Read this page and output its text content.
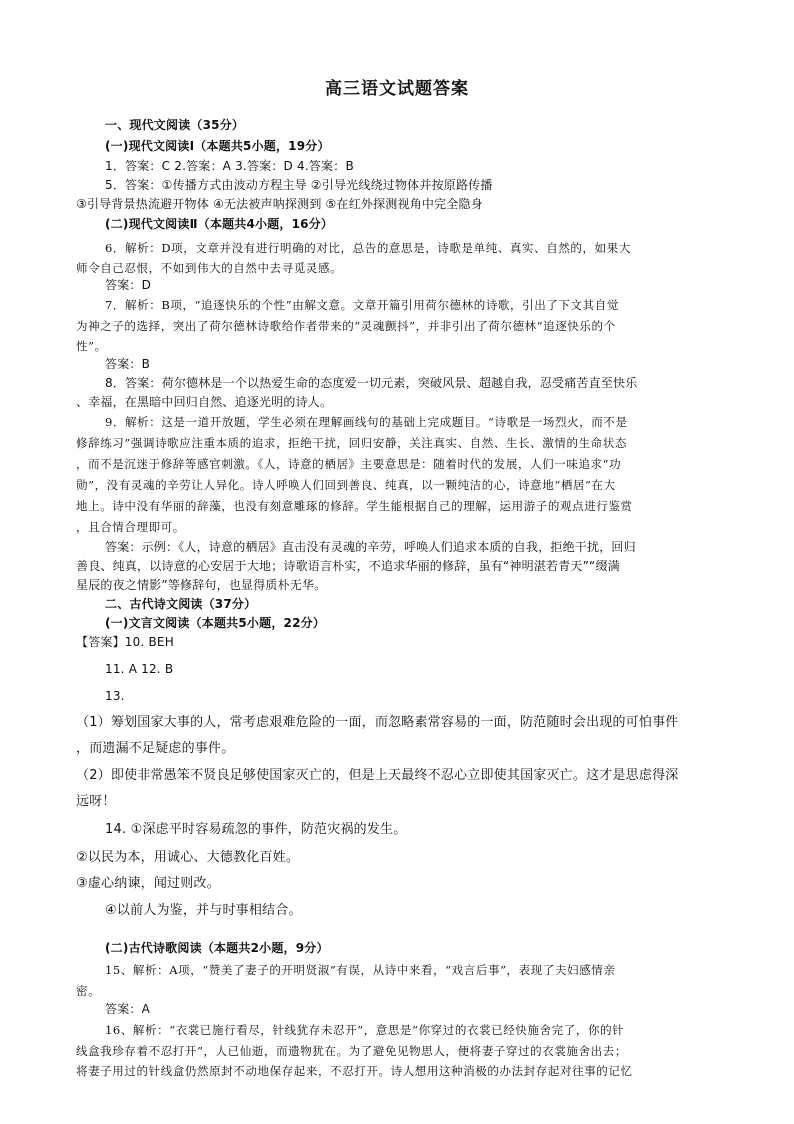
高三语文试题答案
一、现代文阅读（35分）
(一)现代文阅读Ⅰ（本题共5小题，19分）
1．答案：C 2.答案：A 3.答案：D 4.答案：B
5．答案：①传播方式由波动方程主导 ②引导光线绕过物体并按原路传播
③引导背景热流避开物体 ④无法被声呐探测到 ⑤在红外探测视角中完全隐身
(二)现代文阅读Ⅱ（本题共4小题，16分）
6．解析：D项，文章并没有进行明确的对比，总告的意思是，诗歌是单纯、真实、自然的，如果大
师令自己忍恨，不如到伟大的自然中去寻觅灵感。
答案：D
7．解析：B项，“追逐快乐的个性”由解文意。文章开篇引用荷尔德林的诗歌，引出了下文其自觉
为神之子的选择，突出了荷尔德林诗歌给作者带来的“灵魂颤抖”，并非引出了荷尔德林“追逐快乐的个
性”。
答案：B
8．答案：荷尔德林是一个以热爱生命的态度爱一切元素，突破风景、超越自我，忍受痛苦直至快乐
、幸福，在黑暗中回归自然、追逐光明的诗人。
9．解析：这是一道开放题，学生必须在理解画线句的基础上完成题目。“诗歌是一场烈火，而不是
修辞练习”强调诗歌应注重本质的追求，拒绝干扰，回归安静，关注真实、自然、生长、激情的生命状态
，而不是沉迷于修辞等感官刺激。《人，诗意的栖居》主要意思是：随着时代的发展，人们一味追求“功
勋”，没有灵魂的辛劳让人异化。诗人呼唤人们回到善良、纯真，以一颗纯洁的心，诗意地“栖居”在大
地上。诗中没有华丽的辞藻，也没有刻意雕琢的修辞。学生能根据自己的理解，运用游子的观点进行鉴赏
，且合情合理即可。
答案：示例：《人，诗意的栖居》直击没有灵魂的辛劳，呼唤人们追求本质的自我，拒绝干扰，回归
善良、纯真，以诗意的心安居于大地；诗歌语言朴实，不追求华丽的修辞，虽有“神明湛若青天”“缀满
星辰的夜之情影”等修辞句，也显得质朴无华。
二、古代诗文阅读（37分）
(一)文言文阅读（本题共5小题，22分）
【答案】10. BEH
11. A 12. B
13.
（1）筹划国家大事的人，常考虑艰难危险的一面，而忽略素常容易的一面，防范随时会出现的可怕事件
，而遗漏不足疑虑的事件。
（2）即使非常愚笨不贤良足够使国家灭亡的，但是上天最终不忍心立即使其国家灭亡。这才是思虑得深
远呀！
14. ①深虑平时容易疏忽的事件，防范灾祸的发生。
②以民为本，用诚心、大德教化百姓。
③虚心纳谏，闻过则改。
④以前人为鉴，并与时事相结合。
(二)古代诗歌阅读（本题共2小题，9分）
15、解析：A项，“赞美了妻子的开明贤淑”有误，从诗中来看，“戏言后事”，表现了夫妇感情亲
密。
答案：A
16、解析：“衣裳已施行看尽，针线犹存未忍开”，意思是“你穿过的衣裳已经快施舍完了，你的针
线盒我珍存着不忍打开”，人已仙逝，而遗物犹在。为了避免见物思人，便将妻子穿过的衣裳施舍出去；
将妻子用过的针线盒仍然原封不动地保存起来，不忍打开。诗人想用这种消极的办法封存起对往事的记忆
